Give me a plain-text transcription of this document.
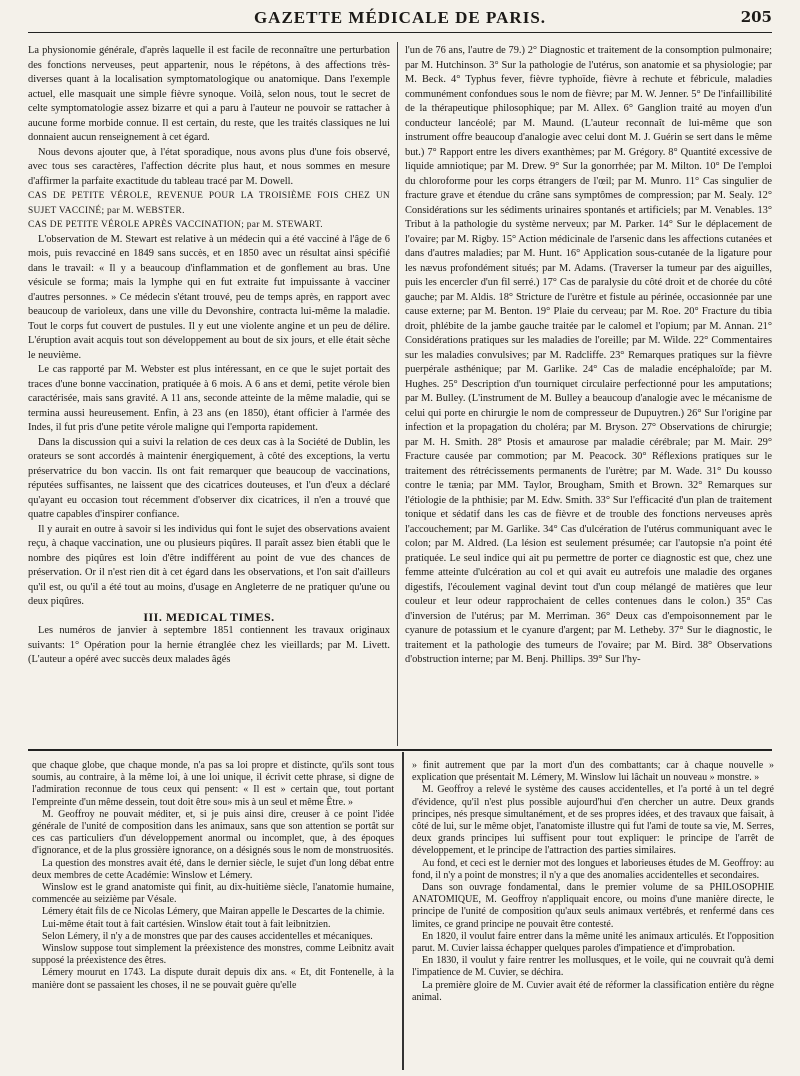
GAZETTE MÉDICALE DE PARIS.	205

La physionomie générale, d'après laquelle il est facile de reconnaître une perturbation des fonctions nerveuses, peut appartenir, nous le répétons, à des affections très-diverses quant à la localisation symptomatologique ou anatomique. Dans l'exemple actuel, elle masquait une simple fièvre synoque. Voilà, selon nous, tout le secret de celte symptomatologie assez bizarre et qui a paru à l'auteur ne pouvoir se rattacher à aucune forme morbide connue. Il est certain, du reste, que les traités classiques ne lui donnaient aucun renseignement à cet égard.

Nous devons ajouter que, à l'état sporadique, nous avons plus d'une fois observé, avec tous ses caractères, l'affection décrite plus haut, et nous sommes en mesure d'affirmer la parfaite exactitude du tableau tracé par M. Dowell.

CAS DE PETITE VÉROLE, REVENUE POUR LA TROISIÈME FOIS CHEZ UN SUJET VACCINÉ; par M. WEBSTER.

CAS DE PETITE VÉROLE APRÈS VACCINATION; par M. STEWART.

L'observation de M. Stewart est relative à un médecin qui a été vacciné à l'âge de 6 mois, puis revacciné en 1849 sans succès, et en 1850 avec un résultat ainsi spécifié dans le travail: « Il y a beaucoup d'inflammation et de gonflement au bras. Une vésicule se forma; mais la lymphe qui en fut extraite fut impuissante à vacciner d'autres personnes. » Ce médecin s'étant trouvé, peu de temps après, en rapport avec beaucoup de varioleux, dans une ville du Devonshire, contracta lui-même la maladie. Tout le corps fut couvert de pustules. Il y eut une violente angine et un peu de délire. L'éruption avait acquis tout son développement au bout de six jours, et elle était sèche le neuvième.

Le cas rapporté par M. Webster est plus intéressant, en ce que le sujet portait des traces d'une bonne vaccination, pratiquée à 6 mois. A 6 ans et demi, petite vérole bien caractérisée, mais sans gravité. A 11 ans, seconde atteinte de la même maladie, qui se termina aussi heureusement. Enfin, à 23 ans (en 1850), étant officier à l'armée des Indes, il fut pris d'une petite vérole maligne qui l'emporta rapidement.

Dans la discussion qui a suivi la relation de ces deux cas à la Société de Dublin, les orateurs se sont accordés à maintenir énergiquement, à côté des exceptions, la vertu préservatrice du bon vaccin. Ils ont fait remarquer que beaucoup de vaccinations, réputées suffisantes, ne laissent que des cicatrices douteuses, et l'un d'eux a déclaré qu'ayant eu occasion tout récemment d'observer dix cicatrices, il n'en a trouvé que quatre capables d'inspirer confiance.

Il y aurait en outre à savoir si les individus qui font le sujet des observations avaient reçu, à chaque vaccination, une ou plusieurs piqûres. Il paraît assez bien établi que le nombre des piqûres est loin d'être indifférent au point de vue des chances de préservation. Or il n'est rien dit à cet égard dans les observations, et l'on sait d'ailleurs qu'il est, ou qu'il a été tout au moins, d'usage en Angleterre de ne pratiquer qu'une ou deux piqûres.

III. MEDICAL TIMES.

Les numéros de janvier à septembre 1851 contiennent les travaux originaux suivants: 1° Opération pour la hernie étranglée chez les vieillards; par M. Livett. (L'auteur a opéré avec succès deux malades âgés

l'un de 76 ans, l'autre de 79.) 2° Diagnostic et traitement de la consomption pulmonaire; par M. Hutchinson. 3° Sur la pathologie de l'utérus, son anatomie et sa physiologie; par M. Beck. 4° Typhus fever, fièvre typhoïde, fièvre à rechute et fébricule, maladies communément confondues sous le nom de fièvre; par M. W. Jenner. 5° De l'infaillibilité de la thérapeutique philosophique; par M. Allex. 6° Ganglion traité au moyen d'un conducteur lancéolé; par M. Maund. (L'auteur reconnaît de lui-même que son instrument offre beaucoup d'analogie avec celui dont M. J. Guérin se sert dans le même but.) 7° Rapport entre les divers exanthèmes; par M. Grégory. 8° Quantité excessive de liquide amniotique; par M. Drew. 9° Sur la gonorrhée; par M. Milton. 10° De l'emploi du chloroforme pour les corps étrangers de l'œil; par M. Munro. 11° Cas singulier de fracture grave et étendue du crâne sans symptômes de compression; par M. Sealy. 12° Considérations sur les sédiments urinaires spontanés et artificiels; par M. Venables. 13° Tribut à la pathologie du système nerveux; par M. Parker. 14° Sur le déplacement de l'ovaire; par M. Rigby. 15° Action médicinale de l'arsenic dans les affections cutanées et dans d'autres maladies; par M. Hunt. 16° Application sous-cutanée de la ligature pour les nævus profondément situés; par M. Adams. (Traverser la tumeur par des aiguilles, puis les encercler d'un fil serré.) 17° Cas de paralysie du côté droit et de chorée du côté gauche; par M. Aldis. 18° Stricture de l'urètre et fistule au périnée, occasionnée par une cause externe; par M. Benton. 19° Plaie du cerveau; par M. Roe. 20° Fracture du tibia droit, phlébite de la jambe gauche traitée par le calomel et l'opium; par M. Annan. 21° Considérations pratiques sur les maladies de l'oreille; par M. Wilde. 22° Commentaires sur les maladies convulsives; par M. Radcliffe. 23° Remarques pratiques sur la fièvre puerpérale asthénique; par M. Garlike. 24° Cas de maladie encéphaloïde; par M. Hughes. 25° Description d'un tourniquet circulaire perfectionné pour les amputations; par M. Bulley. (L'instrument de M. Bulley a beaucoup d'analogie avec le mécanisme de celui qui porte en chirurgie le nom de compresseur de Dupuytren.) 26° Sur l'origine par infection et la propagation du choléra; par M. Bryson. 27° Observations de chirurgie; par M. H. Smith. 28° Ptosis et amaurose par maladie cérébrale; par M. Mair. 29° Fracture causée par commotion; par M. Peacock. 30° Réflexions pratiques sur le traitement des rétrécissements permanents de l'urètre; par M. Wade. 31° Du kousso contre le tænia; par MM. Taylor, Brougham, Smith et Brown. 32° Remarques sur l'étiologie de la phthisie; par M. Edw. Smith. 33° Sur l'efficacité d'un plan de traitement tonique et sédatif dans les cas de fièvre et de trouble des fonctions nerveuses après l'accouchement; par M. Garlike. 34° Cas d'ulcération de l'utérus communiquant avec le colon; par M. Aldred. (La lésion est seulement présumée; car l'autopsie n'a point été pratiquée. Le seul indice qui ait pu permettre de porter ce diagnostic est que, chez une femme atteinte d'ulcération au col et qui avait eu autrefois une maladie des organes digestifs, l'écoulement vaginal devint tout d'un coup mélangé de matières que leur couleur et leur odeur rapprochaient de celles contenues dans le colon.) 35° Cas d'inversion de l'utérus; par M. Merriman. 36° Deux cas d'empoisonnement par le cyanure de potassium et le cyanure d'argent; par M. Letheby. 37° Sur le diagnostic, le traitement et la pathologie des tumeurs de l'ovaire; par M. Bird. 38° Observations d'obstruction interne; par M. Benj. Phillips. 39° Sur l'hy-

que chaque globe, que chaque monde, n'a pas sa loi propre et distincte, qu'ils sont tous soumis, au contraire, à la même loi, à une loi unique, il écrivit cette phrase, si digne de l'admiration reconnue de tous ceux qui pensent: « Il est » certain que, tout portant l'empreinte d'un même dessein, tout doit être sou» mis à un seul et même Être. »

M. Geoffroy ne pouvait méditer, et, si je puis ainsi dire, creuser à ce point l'idée générale de l'unité de composition dans les animaux, sans que son attention se portât sur ces cas particuliers d'un développement anormal ou incomplet, que, à des époques d'ignorance, et de la plus grossière ignorance, on a désignés sous le nom de monstruosités.

La question des monstres avait été, dans le dernier siècle, le sujet d'un long débat entre deux membres de cette Académie: Winslow et Lémery.

Winslow est le grand anatomiste qui finit, au dix-huitième siècle, l'anatomie humaine, commencée au seizième par Vésale.

Lémery était fils de ce Nicolas Lémery, que Mairan appelle le Descartes de la chimie.

Lui-même était tout à fait cartésien. Winslow était tout à fait leibnitzien.

Selon Lémery, il n'y a de monstres que par des causes accidentelles et mécaniques.

Winslow suppose tout simplement la préexistence des monstres, comme Leibnitz avait supposé la préexistence des êtres.

Lémery mourut en 1743. La dispute durait depuis dix ans. « Et, dit Fontenelle, à la manière dont se passaient les choses, il ne se pouvait guère qu'elle

» finit autrement que par la mort d'un des combattants; car à chaque nouvelle » explication que présentait M. Lémery, M. Winslow lui lâchait un nouveau » monstre. »

M. Geoffroy a relevé le système des causes accidentelles, et l'a porté à un tel degré d'évidence, qu'il n'est plus possible aujourd'hui d'en chercher un autre. Deux grands principes, nés presque simultanément, et de ses propres idées, et des travaux que faisait, à côté de lui, sur le même objet, l'anatomiste illustre qui fut l'ami de toute sa vie, M. Serres, deux grands principes lui suffisent pour tout expliquer: le principe de l'arrêt de développement, et le principe de l'attraction des parties similaires.

Au fond, et ceci est le dernier mot des longues et laborieuses études de M. Geoffroy: au fond, il n'y a point de monstres; il n'y a que des anomalies accidentelles et secondaires.

Dans son ouvrage fondamental, dans le premier volume de sa PHILOSOPHIE ANATOMIQUE, M. Geoffroy n'appliquait encore, ou moins d'une manière directe, le principe de l'unité de composition qu'aux seuls animaux vertébrés, et renfermé dans ces limites, ce grand principe ne pouvait être contesté.

En 1820, il voulut faire entrer dans la même unité les animaux articulés. Et l'opposition parut. M. Cuvier laissa échapper quelques paroles d'impatience et d'improbation.

En 1830, il voulut y faire rentrer les mollusques, et le voile, qui ne couvrait qu'à demi l'impatience de M. Cuvier, se déchira.

La première gloire de M. Cuvier avait été de réformer la classification entière du règne animal.
